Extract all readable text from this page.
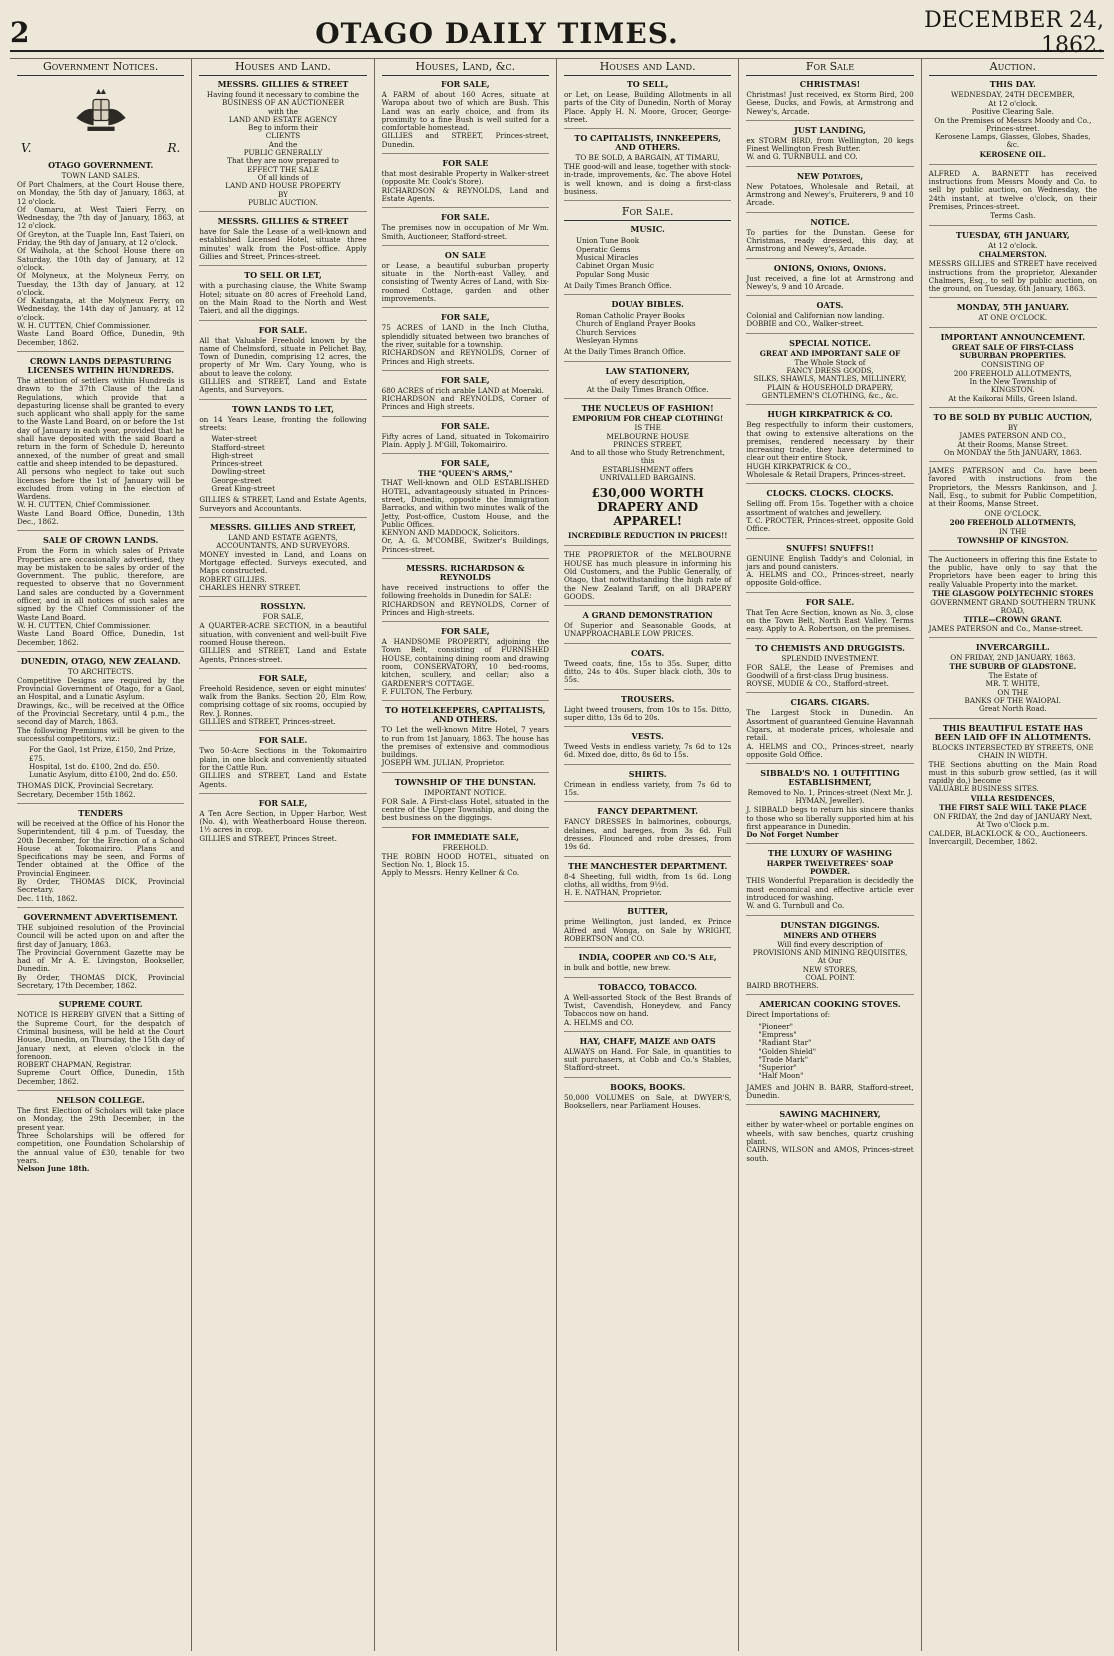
2	OTAGO DAILY TIMES.	DECEMBER 24, 1862.
Government Notices.
V.	R.
OTAGO GOVERNMENT.
TOWN LAND SALES.
Of Port Chalmers, at the Court House there, on Monday, the 5th day of January, 1863, at 12 o'clock.
Of Oamaru, at West Taieri Ferry, on Wednesday, the 7th day of January, 1863, at 12 o'clock.
Of Greyton, at the Tuaple Inn, East Taieri, on Friday, the 9th day of January, at 12 o'clock.
Of Waihola, at the School House there on Saturday, the 10th day of January, at 12 o'clock.
Of Molyneux, at the Molyneux Ferry, on Tuesday, the 13th day of January, at 12 o'clock.
Of Kaitangata, at the Molyneux Ferry, on Wednesday, the 14th day of January, at 12 o'clock.
W. H. CUTTEN, Chief Commissioner.
Waste Land Board Office, Dunedin, 9th December, 1862.
CROWN LANDS DEPASTURING LICENSES WITHIN HUNDREDS.
The attention of settlers within Hundreds is drawn to the 37th Clause of the Land Regulations, which provide that a depasturing license shall be granted to every such applicant who shall apply for the same to the Waste Land Board, on or before the 1st day of January in each year, provided that he shall have deposited with the said Board a return in the form of Schedule D, hereunto annexed, of the number of great and small cattle and sheep intended to be depastured.
All persons who neglect to take out such licenses before the 1st of January will be excluded from voting in the election of Wardens.
W. H. CUTTEN, Chief Commissioner.
Waste Land Board Office, Dunedin, 13th Dec., 1862.
SALE OF CROWN LANDS.
From the Form in which sales of Private Properties are occasionally advertised, they may be mistaken to be sales by order of the Government. The public, therefore, are requested to observe that no Government Land sales are conducted by a Government officer, and in all notices of such sales are signed by the Chief Commissioner of the Waste Land Board.
W. H. CUTTEN, Chief Commissioner.
Waste Land Board Office, Dunedin, 1st December, 1862.
DUNEDIN, OTAGO, NEW ZEALAND.
TO ARCHITECTS.
Competitive Designs are required by the Provincial Government of Otago, for a Gaol, an Hospital, and a Lunatic Asylum.
Drawings, &c., will be received at the Office of the Provincial Secretary, until 4 p.m., the second day of March, 1863.
The following Premiums will be given to the successful competitors, viz.:
For the Gaol, 1st Prize, £150, 2nd Prize, £75.
Hospital, 1st do. £100, 2nd do. £50.
Lunatic Asylum, ditto £100, 2nd do. £50.
THOMAS DICK, Provincial Secretary.
Secretary, December 15th 1862.
TENDERS
will be received at the Office of his Honor the Superintendent, till 4 p.m. of Tuesday, the 20th December, for the Erection of a School House at Tokomairiro. Plans and Specifications may be seen, and Forms of Tender obtained at the Office of the Provincial Engineer.
By Order, THOMAS DICK, Provincial Secretary.
Dec. 11th, 1862.
GOVERNMENT ADVERTISEMENT.
THE subjoined resolution of the Provincial Council will be acted upon on and after the first day of January, 1863.
The Provincial Government Gazette may be had of Mr A. E. Livingston, Bookseller, Dunedin.
By Order, THOMAS DICK, Provincial Secretary, 17th December, 1862.
SUPREME COURT.
NOTICE IS HEREBY GIVEN that a Sitting of the Supreme Court, for the despatch of Criminal business, will be held at the Court House, Dunedin, on Thursday, the 15th day of January next, at eleven o'clock in the forenoon.
ROBERT CHAPMAN, Registrar.
Supreme Court Office, Dunedin, 15th December, 1862.
NELSON COLLEGE.
The first Election of Scholars will take place on Monday, the 29th December, in the present year.
Three Scholarships will be offered for competition, one Foundation Scholarship of the annual value of £30, tenable for two years.
Nelson June 18th.
Houses and Land.
MESSRS. GILLIES & STREET
Having found it necessary to combine the
BUSINESS OF AN AUCTIONEER
with the
LAND AND ESTATE AGENCY
Beg to inform their
CLIENTS
And the
PUBLIC GENERALLY
That they are now prepared to
EFFECT THE SALE
Of all kinds of
LAND AND HOUSE PROPERTY
BY
PUBLIC AUCTION.
MESSRS. GILLIES & STREET
have for Sale the Lease of a well-known and established Licensed Hotel, situate three minutes' walk from the Post-office. Apply Gillies and Street, Princes-street.
TO SELL OR LET,
with a purchasing clause, the White Swamp Hotel; situate on 80 acres of Freehold Land, on the Main Road to the North and West Taieri, and all the diggings.
FOR SALE.
All that Valuable Freehold known by the name of Chelmsford, situate in Pelichet Bay, Town of Dunedin, comprising 12 acres, the property of Mr Wm. Cary Young, who is about to leave the colony.
GILLIES and STREET, Land and Estate Agents, and Surveyors.
TOWN LANDS TO LET,
on 14 Years Lease, fronting the following streets:
Water-street
Stafford-street
High-street
Princes-street
Dowling-street
George-street
Great King-street
GILLIES & STREET, Land and Estate Agents, Surveyors and Accountants.
MESSRS. GILLIES AND STREET,
LAND AND ESTATE AGENTS, ACCOUNTANTS, AND SURVEYORS.
MONEY invested in Land, and Loans on Mortgage effected. Surveys executed, and Maps constructed.
ROBERT GILLIES.
CHARLES HENRY STREET.
ROSSLYN.
FOR SALE,
A QUARTER-ACRE SECTION, in a beautiful situation, with convenient and well-built Five roomed House thereon.
GILLIES and STREET, Land and Estate Agents, Princes-street.
FOR SALE,
Freehold Residence, seven or eight minutes' walk from the Banks. Section 20, Elm Row, comprising cottage of six rooms, occupied by Rev. J. Ronnes.
GILLIES and STREET, Princes-street.
FOR SALE.
Two 50-Acre Sections in the Tokomairiro plain, in one block and conveniently situated for the Cattle Run.
GILLIES and STREET, Land and Estate Agents.
FOR SALE,
A Ten Acre Section, in Upper Harbor, West (No. 4), with Weatherboard House thereon. 1½ acres in crop.
GILLIES and STREET, Princes Street.
Houses, Land, &c.
FOR SALE,
A FARM of about 160 Acres, situate at Waropa about two of which are Bush. This Land was an early choice, and from its proximity to a fine Bush is well suited for a comfortable homestead.
GILLIES and STREET, Princes-street, Dunedin.
FOR SALE
that most desirable Property in Walker-street (opposite Mr. Cook's Store).
RICHARDSON & REYNOLDS, Land and Estate Agents.
FOR SALE.
The premises now in occupation of Mr Wm. Smith, Auctioneer, Stafford-street.
ON SALE
or Lease, a beautiful suburban property situate in the North-east Valley, and consisting of Twenty Acres of Land, with Six-roomed Cottage, garden and other improvements.
FOR SALE,
75 ACRES of LAND in the Inch Clutha, splendidly situated between two branches of the river, suitable for a township.
RICHARDSON and REYNOLDS, Corner of Princes and High streets.
FOR SALE,
680 ACRES of rich arable LAND at Moeraki.
RICHARDSON and REYNOLDS, Corner of Princes and High streets.
FOR SALE.
Fifty acres of Land, situated in Tokomairiro Plain. Apply J. M'Gill, Tokomairiro.
FOR SALE,
THE "QUEEN'S ARMS,"
THAT Well-known and OLD ESTABLISHED HOTEL, advantageously situated in Princes-street, Dunedin, opposite the Immigration Barracks, and within two minutes walk of the Jetty, Post-office, Custom House, and the Public Offices.
KENYON AND MADDOCK, Solicitors.
Or, A. G. M'COMBE, Switzer's Buildings, Princes-street.
MESSRS. RICHARDSON & REYNOLDS
have received instructions to offer the following freeholds in Dunedin for SALE:
RICHARDSON and REYNOLDS, Corner of Princes and High-streets.
FOR SALE,
A HANDSOME PROPERTY, adjoining the Town Belt, consisting of FURNISHED HOUSE, containing dining room and drawing room, CONSERVATORY, 10 bed-rooms, kitchen, scullery, and cellar; also a GARDENER'S COTTAGE.
F. FULTON, The Ferbury.
TO HOTELKEEPERS, CAPITALISTS, AND OTHERS.
TO Let the well-known Mitre Hotel, 7 years to run from 1st January, 1863. The house has the premises of extensive and commodious buildings.
JOSEPH WM. JULIAN, Proprietor.
TOWNSHIP OF THE DUNSTAN.
IMPORTANT NOTICE.
FOR Sale. A First-class Hotel, situated in the centre of the Upper Township, and doing the best business on the diggings.
FOR IMMEDIATE SALE,
FREEHOLD.
THE ROBIN HOOD HOTEL, situated on Section No. 1, Block 15.
Apply to Messrs. Henry Kellner & Co.
Houses and Land.
TO SELL,
or Let, on Lease, Building Allotments in all parts of the City of Dunedin, North of Moray Place. Apply H. N. Moore, Grocer, George-street.
TO CAPITALISTS, INNKEEPERS, AND OTHERS.
TO BE SOLD, A BARGAIN, AT TIMARU,
THE good-will and lease, together with stock-in-trade, improvements, &c. The above Hotel is well known, and is doing a first-class business.
For Sale.
MUSIC.
Union Tune Book
Operatic Gems
Musical Miracles
Cabinet Organ Music
Popular Song Music
At Daily Times Branch Office.
DOUAY BIBLES.
Roman Catholic Prayer Books
Church of England Prayer Books
Church Services
Wesleyan Hymns
At the Daily Times Branch Office.
LAW STATIONERY,
of every description,
At the Daily Times Branch Office.
THE NUCLEUS OF FASHION!
EMPORIUM FOR CHEAP CLOTHING!
IS THE
MELBOURNE HOUSE
PRINCES STREET,
And to all those who Study Retrenchment, this
ESTABLISHMENT offers
UNRIVALLED BARGAINS.
£30,000 WORTH DRAPERY AND APPAREL!
INCREDIBLE REDUCTION IN PRICES!!
THE PROPRIETOR of the MELBOURNE HOUSE has much pleasure in informing his Old Customers, and the Public Generally, of Otago, that notwithstanding the high rate of the New Zealand Tariff, on all DRAPERY GOODS.
A GRAND DEMONSTRATION
Of Superior and Seasonable Goods, at UNAPPROACHABLE LOW PRICES.
COATS.
Tweed coats, fine, 15s to 35s. Super, ditto ditto, 24s to 40s. Super black cloth, 30s to 55s.
TROUSERS.
Light tweed trousers, from 10s to 15s. Ditto, super ditto, 13s 6d to 20s.
VESTS.
Tweed Vests in endless variety, 7s 6d to 12s 6d. Mixed doe, ditto, 8s 6d to 15s.
SHIRTS.
Crimean in endless variety, from 7s 6d to 15s.
FANCY DEPARTMENT.
FANCY DRESSES In balmorines, cobourgs, delaines, and bareges, from 3s 6d. Full dresses. Flounced and robe dresses, from 19s 6d.
THE MANCHESTER DEPARTMENT.
8-4 Sheeting, full width, from 1s 6d. Long cloths, all widths, from 9½d.
H. E. NATHAN, Proprietor.
BUTTER,
prime Wellington, just landed, ex Prince Alfred and Wonga, on Sale by WRIGHT, ROBERTSON and CO.
INDIA, COOPER and CO.'S Ale,
in bulk and bottle, new brew.
TOBACCO, TOBACCO.
A Well-assorted Stock of the Best Brands of Twist, Cavendish, Honeydew, and Fancy Tobaccos now on hand.
A. HELMS and CO.
HAY, CHAFF, MAIZE and OATS
ALWAYS on Hand. For Sale, in quantities to suit purchasers, at Cobb and Co.'s Stables, Stafford-street.
BOOKS, BOOKS.
50,000 VOLUMES on Sale, at DWYER'S, Booksellers, near Parliament Houses.
For Sale
CHRISTMAS!
Christmas! Just received, ex Storm Bird, 200 Geese, Ducks, and Fowls, at Armstrong and Newey's, Arcade.
JUST LANDING,
ex STORM BIRD, from Wellington, 20 kegs Finest Wellington Fresh Butter.
W. and G. TURNBULL and CO.
NEW Potatoes,
New Potatoes, Wholesale and Retail, at Armstrong and Newey's, Fruiterers, 9 and 10 Arcade.
NOTICE.
To parties for the Dunstan. Geese for Christmas, ready dressed, this day, at Armstrong and Newey's, Arcade.
ONIONS, Onions, Onions.
Just received, a fine lot at Armstrong and Newey's, 9 and 10 Arcade.
OATS.
Colonial and Californian now landing.
DOBBIE and CO., Walker-street.
SPECIAL NOTICE.
GREAT AND IMPORTANT SALE OF
The Whole Stock of
FANCY DRESS GOODS,
SILKS, SHAWLS, MANTLES, MILLINERY,
PLAIN & HOUSEHOLD DRAPERY,
GENTLEMEN'S CLOTHING, &c., &c.
HUGH KIRKPATRICK & CO.
Beg respectfully to inform their customers, that owing to extensive alterations on the premises, rendered necessary by their increasing trade, they have determined to clear out their entire Stock.
HUGH KIRKPATRICK & CO.,
Wholesale & Retail Drapers, Princes-street.
CLOCKS. CLOCKS. CLOCKS.
Selling off. From 15s. Together with a choice assortment of watches and jewellery.
T. C. PROCTER, Princes-street, opposite Gold Office.
SNUFFS! SNUFFS!!
GENUINE English Taddy's and Colonial, in jars and pound canisters.
A. HELMS and CO., Princes-street, nearly opposite Gold-office.
FOR SALE.
That Ten Acre Section, known as No. 3, close on the Town Belt, North East Valley. Terms easy. Apply to A. Robertson, on the premises.
TO CHEMISTS AND DRUGGISTS.
SPLENDID INVESTMENT.
FOR SALE, the Lease of Premises and Goodwill of a first-class Drug business.
ROYSE, MUDIE & CO., Stafford-street.
CIGARS. CIGARS.
The Largest Stock in Dunedin. An Assortment of guaranteed Genuine Havannah Cigars, at moderate prices, wholesale and retail.
A. HELMS and CO., Princes-street, nearly opposite Gold Office.
SIBBALD'S NO. 1 OUTFITTING ESTABLISHMENT,
Removed to No. 1, Princes-street (Next Mr. J. HYMAN, Jeweller).
J. SIBBALD begs to return his sincere thanks to those who so liberally supported him at his first appearance in Dunedin.
Do Not Forget Number
THE LUXURY OF WASHING
HARPER TWELVETREES' SOAP POWDER.
THIS Wonderful Preparation is decidedly the most economical and effective article ever introduced for washing.
W. and G. Turnbull and Co.
DUNSTAN DIGGINGS.
MINERS AND OTHERS
Will find every description of
PROVISIONS AND MINING REQUISITES,
At Our
NEW STORES,
COAL POINT.
BAIRD BROTHERS.
AMERICAN COOKING STOVES.
Direct Importations of:
"Pioneer"
"Empress"
"Radiant Star"
"Golden Shield"
"Trade Mark"
"Superior"
"Half Moon"
JAMES and JOHN B. BARR, Stafford-street, Dunedin.
SAWING MACHINERY,
either by water-wheel or portable engines on wheels, with saw benches, quartz crushing plant.
CAIRNS, WILSON and AMOS, Princes-street south.
Auction.
THIS DAY.
WEDNESDAY, 24TH DECEMBER,
At 12 o'clock.
Positive Clearing Sale.
On the Premises of Messrs Moody and Co., Princes-street.
Kerosene Lamps, Glasses, Globes, Shades, &c.
KEROSENE OIL.
ALFRED A. BARNETT has received instructions from Messrs Moody and Co. to sell by public auction, on Wednesday, the 24th instant, at twelve o'clock, on their Premises, Princes-street.
Terms Cash.
TUESDAY, 6TH JANUARY,
At 12 o'clock.
CHALMERSTON.
MESSRS GILLIES and STREET have received instructions from the proprietor, Alexander Chalmers, Esq., to sell by public auction, on the ground, on Tuesday, 6th January, 1863.
MONDAY, 5TH JANUARY.
AT ONE O'CLOCK.
IMPORTANT ANNOUNCEMENT.
GREAT SALE OF FIRST-CLASS SUBURBAN PROPERTIES.
CONSISTING OF
200 FREEHOLD ALLOTMENTS,
In the New Township of
KINGSTON.
At the Kaikorai Mills, Green Island.
TO BE SOLD BY PUBLIC AUCTION,
BY
JAMES PATERSON AND CO.,
At their Rooms, Manse Street.
On MONDAY the 5th JANUARY, 1863.
JAMES PATERSON and Co. have been favored with instructions from the Proprietors, the Messrs Rankinson, and J. Nall, Esq., to submit for Public Competition, at their Rooms, Manse Street.
ONE O'CLOCK.
200 FREEHOLD ALLOTMENTS,
IN THE
TOWNSHIP OF KINGSTON.
The Auctioneers in offering this fine Estate to the public, have only to say that the Proprietors have been eager to bring this really Valuable Property into the market.
THE GLASGOW POLYTECHNIC STORES
GOVERNMENT GRAND SOUTHERN TRUNK ROAD,
TITLE—CROWN GRANT.
JAMES PATERSON and Co., Manse-street.
INVERCARGILL.
ON FRIDAY, 2ND JANUARY, 1863.
THE SUBURB OF GLADSTONE.
The Estate of
MR. T. WHITE,
ON THE
BANKS OF THE WAIOPAI.
Great North Road.
THIS BEAUTIFUL ESTATE HAS BEEN LAID OFF IN ALLOTMENTS.
BLOCKS INTERSECTED BY STREETS, ONE CHAIN IN WIDTH.
THE Sections abutting on the Main Road must in this suburb grow settled, (as it will rapidly do,) become
VALUABLE BUSINESS SITES.
VILLA RESIDENCES,
THE FIRST SALE WILL TAKE PLACE
ON FRIDAY, the 2nd day of JANUARY Next, At Two o'Clock p.m.
CALDER, BLACKLOCK & CO., Auctioneers.
Invercargill, December, 1862.
